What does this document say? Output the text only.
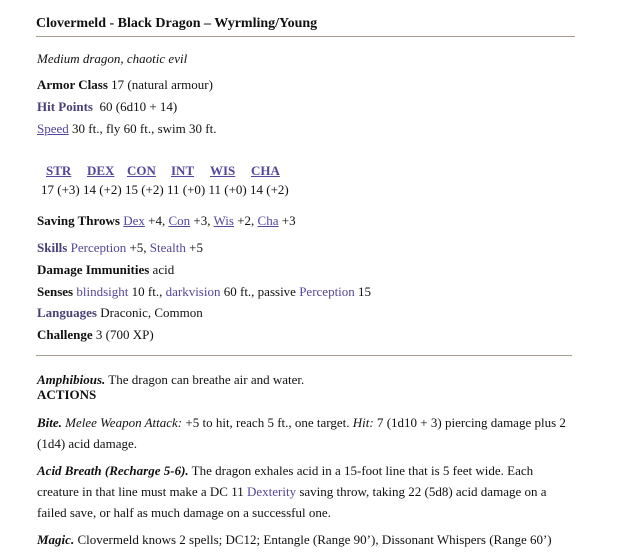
Clovermeld - Black Dragon – Wyrmling/Young
Medium dragon, chaotic evil
Armor Class 17 (natural armour)
Hit Points  60 (6d10 + 14)
Speed 30 ft., fly 60 ft., swim 30 ft.
STR DEX CON INT WIS CHA
17 (+3) 14 (+2) 15 (+2) 11 (+0) 11 (+0) 14 (+2)
Saving Throws Dex +4, Con +3, Wis +2, Cha +3
Skills Perception +5, Stealth +5
Damage Immunities acid
Senses blindsight 10 ft., darkvision 60 ft., passive Perception 15
Languages Draconic, Common
Challenge 3 (700 XP)
Amphibious. The dragon can breathe air and water.
ACTIONS
Bite. Melee Weapon Attack: +5 to hit, reach 5 ft., one target. Hit: 7 (1d10 + 3) piercing damage plus 2 (1d4) acid damage.
Acid Breath (Recharge 5-6). The dragon exhales acid in a 15-foot line that is 5 feet wide. Each creature in that line must make a DC 11 Dexterity saving throw, taking 22 (5d8) acid damage on a failed save, or half as much damage on a successful one.
Magic. Clovermeld knows 2 spells; DC12; Entangle (Range 90’), Dissonant Whispers (Range 60’)
